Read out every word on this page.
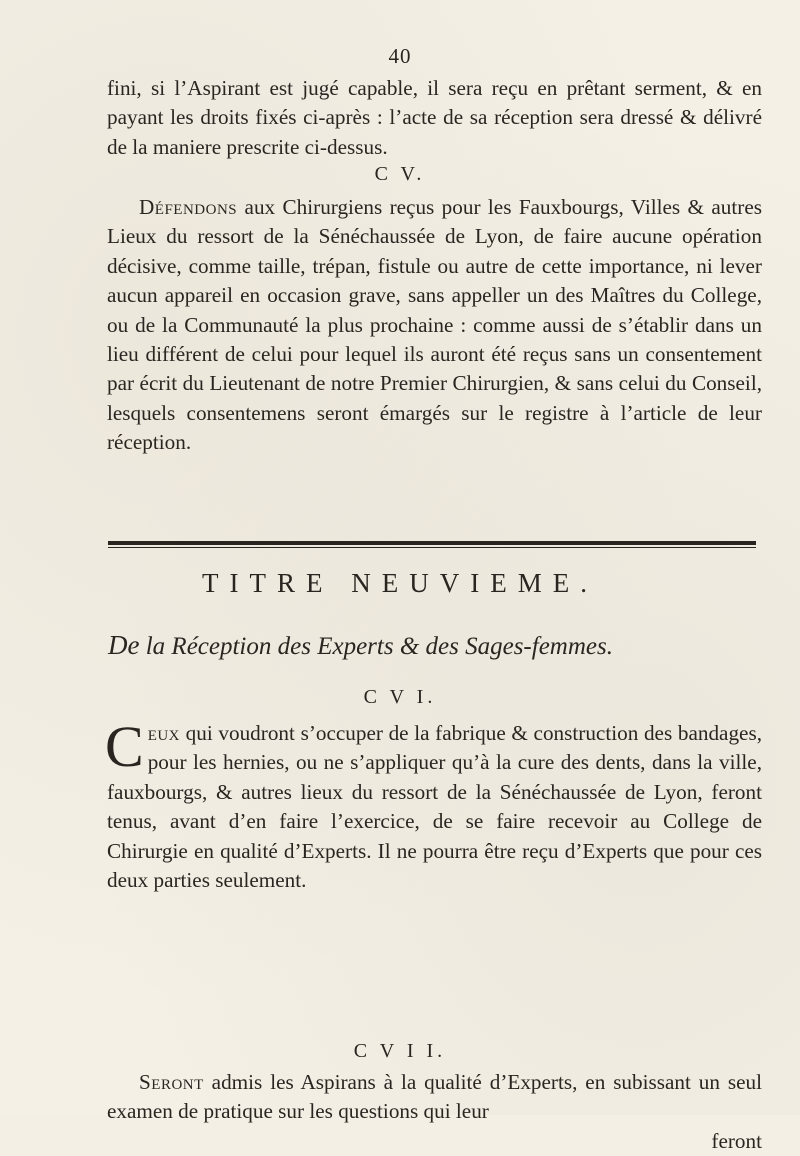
40

fini, si l’Aspirant est jugé capable, il sera reçu en prêtant serment, & en payant les droits fixés ci-après : l’acte de sa réception sera dressé & délivré de la maniere prescrite ci-dessus.

C V.

Défendons aux Chirurgiens reçus pour les Fauxbourgs, Villes & autres Lieux du ressort de la Sénéchaussée de Lyon, de faire aucune opération décisive, comme taille, trépan, fistule ou autre de cette importance, ni lever aucun appareil en occasion grave, sans appeller un des Maîtres du College, ou de la Communauté la plus prochaine : comme aussi de s’établir dans un lieu différent de celui pour lequel ils auront été reçus sans un consentement par écrit du Lieutenant de notre Premier Chirurgien, & sans celui du Conseil, lesquels consentemens seront émargés sur le registre à l’article de leur réception.

TITRE NEUVIEME.
De la Réception des Experts & des Sages-femmes.
C V I.

Ceux qui voudront s’occuper de la fabrique & construction des bandages, pour les hernies, ou ne s’appliquer qu’à la cure des dents, dans la ville, fauxbourgs, & autres lieux du ressort de la Sénéchaussée de Lyon, feront tenus, avant d’en faire l’exercice, de se faire recevoir au College de Chirurgie en qualité d’Experts. Il ne pourra être reçu d’Experts que pour ces deux parties seulement.

C V I I.

Seront admis les Aspirans à la qualité d’Experts, en subissant un seul examen de pratique sur les questions qui leur

feront
